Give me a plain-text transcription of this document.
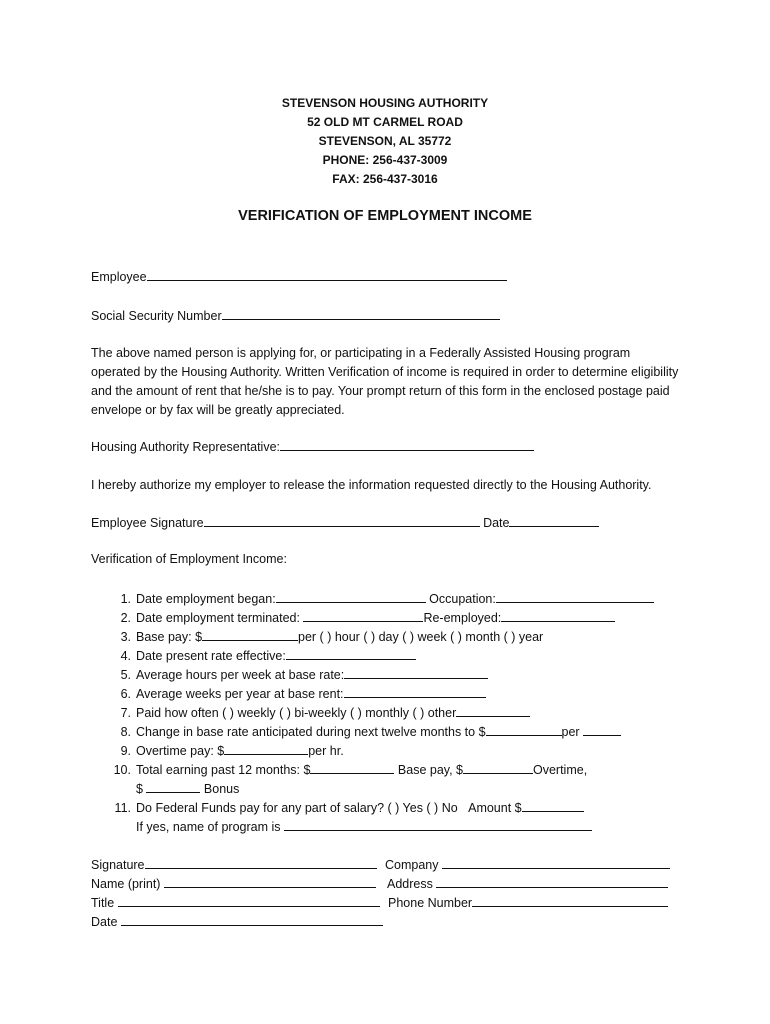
STEVENSON HOUSING AUTHORITY
52 OLD MT CARMEL ROAD
STEVENSON, AL 35772
PHONE: 256-437-3009
FAX: 256-437-3016
VERIFICATION OF EMPLOYMENT INCOME
Employee
Social Security Number
The above named person is applying for, or participating in a Federally Assisted Housing program operated by the Housing Authority. Written Verification of income is required in order to determine eligibility and the amount of rent that he/she is to pay. Your prompt return of this form in the enclosed postage paid envelope or by fax will be greatly appreciated.
Housing Authority Representative:
I hereby authorize my employer to release the information requested directly to the Housing Authority.
Employee Signature	Date
Verification of Employment Income:
1. Date employment began:	Occupation:
2. Date employment terminated:	Re-employed:
3. Base pay: $	per ( ) hour ( ) day ( ) week ( ) month ( ) year
4. Date present rate effective:
5. Average hours per week at base rate:
6. Average weeks per year at base rent:
7. Paid how often ( ) weekly ( ) bi-weekly ( ) monthly ( ) other
8. Change in base rate anticipated during next twelve months to $	per
9. Overtime pay: $	per hr.
10. Total earning past 12 months: $	Base pay, $	Overtime,
$	Bonus
11. Do Federal Funds pay for any part of salary? ( ) Yes ( ) No Amount $
If yes, name of program is
Signature	Company
Name (print)	Address
Title	Phone Number
Date
